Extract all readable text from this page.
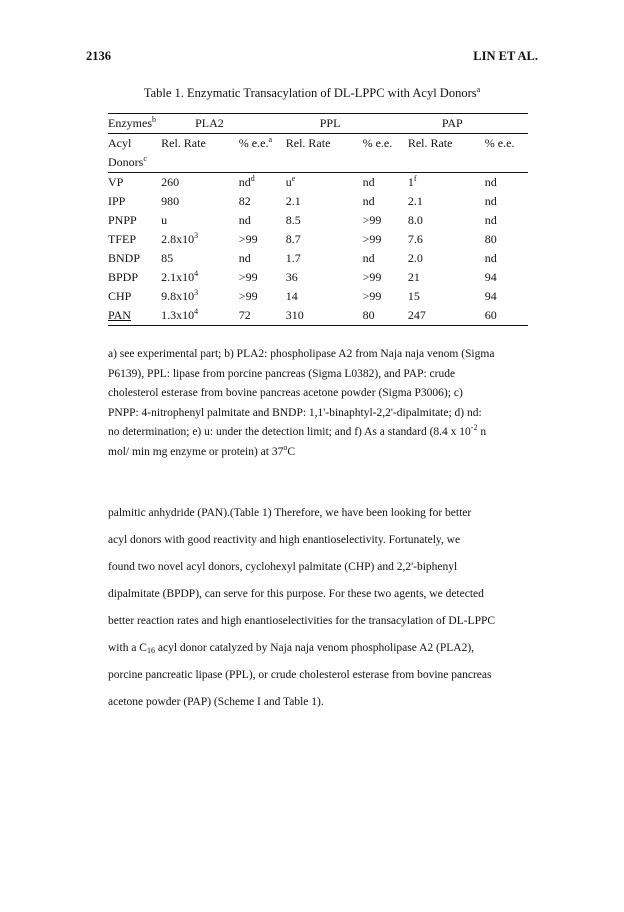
2136	LIN ET AL.
Table 1. Enzymatic Transacylation of DL-LPPC with Acyl Donors$^a$
Enzymes$^b$	PLA2		PPL		PAP	
Acyl	Rel. Rate	% e.e.$^a$	Rel. Rate	% e.e.	Rel. Rate	% e.e.
Donors$^c$						
VP	260	$nd^d$	$u^e$	nd	1$^f$	nd
IPP	980	82	2.1	nd	2.1	nd
PNPP	u	nd	8.5	>99	8.0	nd
TFEP	$2.8x10^3$	>99	8.7	>99	7.6	80
BNDP	85	nd	1.7	nd	2.0	nd
BPDP	$2.1x10^4$	>99	36	>99	21	94
CHP	$9.8x10^3$	>99	14	>99	15	94
PAN	$1.3x10^4$	72	310	80	247	60

a) see experimental part; b) PLA2: phospholipase A2 from Naja naja venom (Sigma

P6139), PPL: lipase from porcine pancreas (Sigma L0382), and PAP: crude

cholesterol esterase from bovine pancreas acetone powder (Sigma P3006); c)

PNPP: 4-nitrophenyl palmitate and BNDP: 1,1'-binaphtyl-2,2'-dipalmitate; d) nd:

no determination; e) u: under the detection limit; and f) As a standard (8.4 x $10^{-2}$ n

mol/ min mg enzyme or protein) at 37$^o$C

palmitic anhydride (PAN).(Table 1) Therefore, we have been looking for better

acyl donors with good reactivity and high enantioselectivity. Fortunately, we

found two novel acyl donors, cyclohexyl palmitate (CHP) and 2,2'-biphenyl

dipalmitate (BPDP), can serve for this purpose. For these two agents, we detected

better reaction rates and high enantioselectivities for the transacylation of DL-LPPC

with a $C_{16}$ acyl donor catalyzed by Naja naja venom phospholipase A2 (PLA2),

porcine pancreatic lipase (PPL), or crude cholesterol esterase from bovine pancreas

acetone powder (PAP) (Scheme I and Table 1).
